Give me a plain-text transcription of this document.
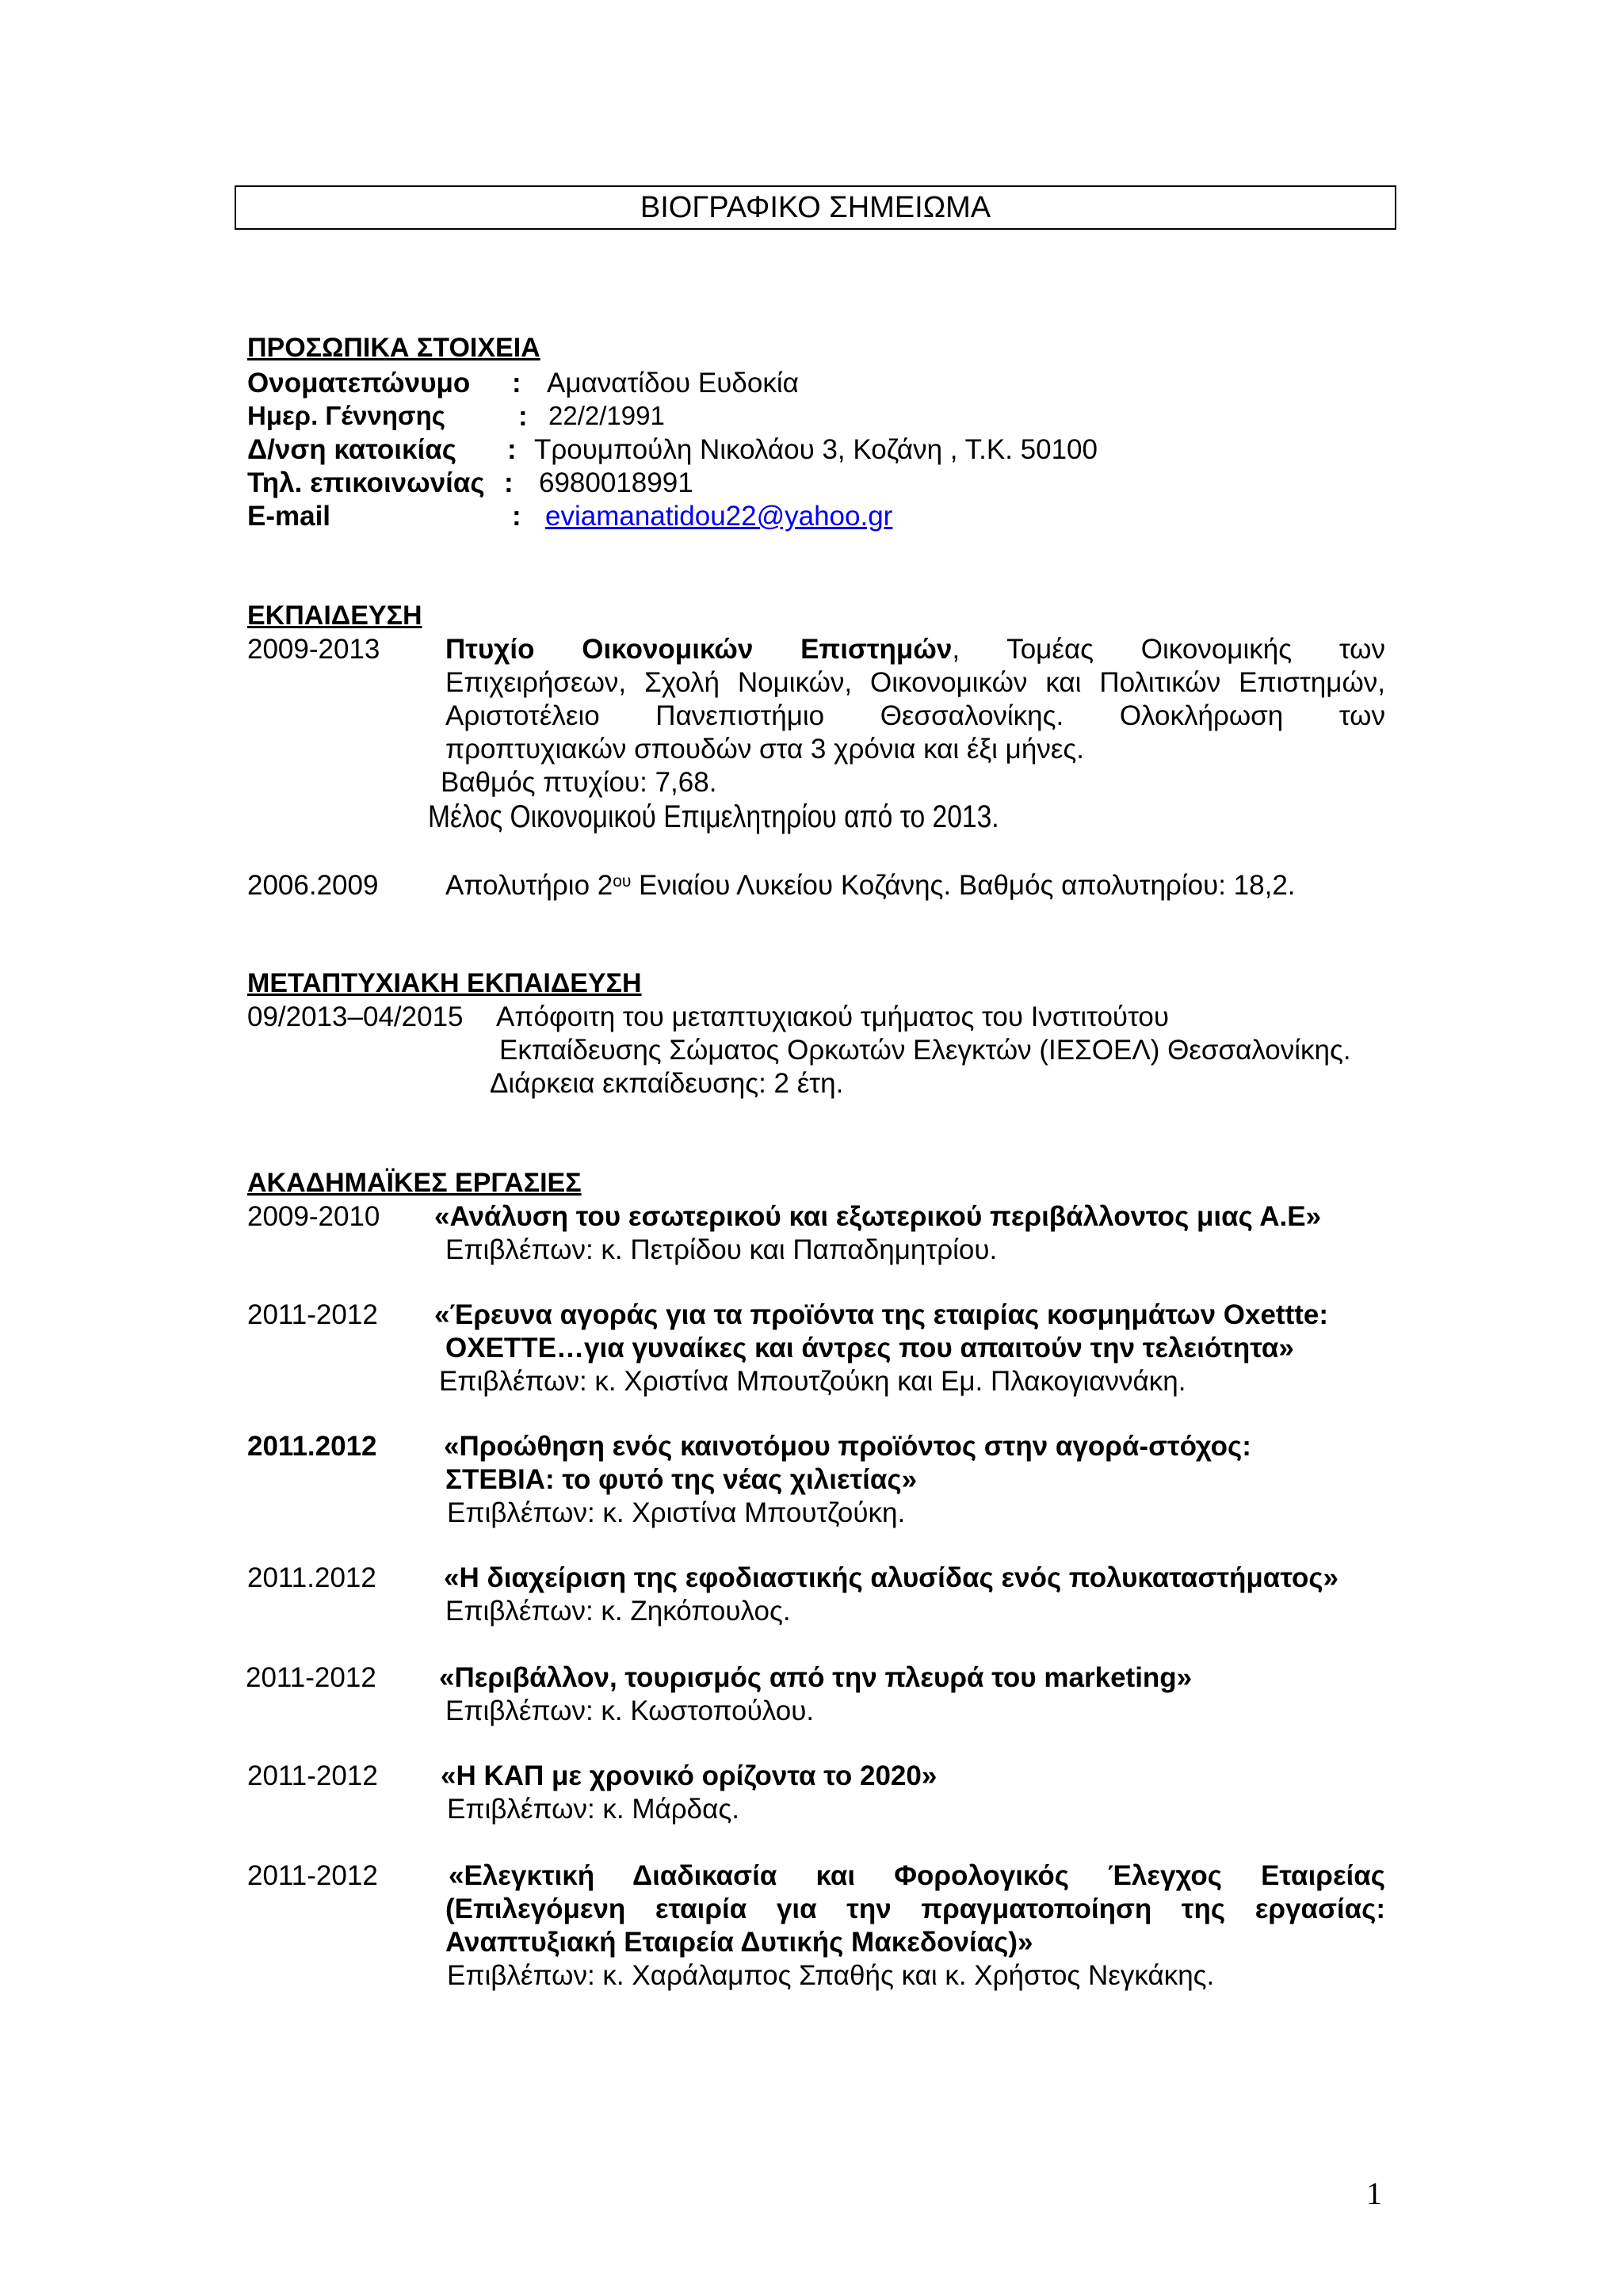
ΒΙΟΓΡΑΦΙΚΟ ΣΗΜΕΙΩΜΑ
ΠΡΟΣΩΠΙΚΑ ΣΤΟΙΧΕΙΑ
Ονοματεπώνυμο : Αμανατίδου Ευδοκία
Ημερ. Γέννησης	: 22/2/1991
Δ/νση κατοικίας : Τρουμπούλη Νικολάου 3, Κοζάνη , Τ.Κ. 50100
Τηλ. επικοινωνίας : 6980018991
E-mail	: eviamanatidou22@yahoo.gr
ΕΚΠΑΙΔΕΥΣΗ
2009-2013 Πτυχίο Οικονομικών Επιστημών, Τομέας Οικονομικής των
Επιχειρήσεων, Σχολή Νομικών, Οικονομικών και Πολιτικών Επιστημών,
Αριστοτέλειο Πανεπιστήμιο Θεσσαλονίκης. Ολοκλήρωση των
προπτυχιακών σπουδών στα 3 χρόνια και έξι μήνες.
Βαθμός πτυχίου: 7,68.
Μέλος Οικονομικού Επιμελητηρίου από το 2013.
2006.2009 Απολυτήριο $2^{o\upsilon}$ Ενιαίου Λυκείου Κοζάνης. Βαθμός απολυτηρίου: 18,2.
ΜΕΤΑΠΤΥΧΙΑΚΗ ΕΚΠΑΙΔΕΥΣΗ
09/2013–04/2015 Απόφοιτη του μεταπτυχιακού τμήματος του Ινστιτούτου
Εκπαίδευσης Σώματος Ορκωτών Ελεγκτών (ΙΕΣΟΕΛ) Θεσσαλονίκης.
Διάρκεια εκπαίδευσης: 2 έτη.
ΑΚΑΔΗΜΑΪΚΕΣ ΕΡΓΑΣΙΕΣ
2009-2010 «Ανάλυση του εσωτερικού και εξωτερικού περιβάλλοντος μιας Α.Ε»
Επιβλέπων: κ. Πετρίδου και Παπαδημητρίου.
2011-2012 «Έρευνα αγοράς για τα προϊόντα της εταιρίας κοσμημάτων Oxettte:
OXETTE…για γυναίκες και άντρες που απαιτούν την τελειότητα»
Επιβλέπων: κ. Χριστίνα Μπουτζούκη και Εμ. Πλακογιαννάκη.
2011.2012 «Προώθηση ενός καινοτόμου προϊόντος στην αγορά-στόχος:
ΣΤΕΒΙΑ: το φυτό της νέας χιλιετίας»
Επιβλέπων: κ. Χριστίνα Μπουτζούκη.
2011.2012 «Η διαχείριση της εφοδιαστικής αλυσίδας ενός πολυκαταστήματος»
Επιβλέπων: κ. Ζηκόπουλος.
2011-2012 «Περιβάλλον, τουρισμός από την πλευρά του marketing»
Επιβλέπων: κ. Κωστοπούλου.
2011-2012 «Η ΚΑΠ με χρονικό ορίζοντα το 2020»
Επιβλέπων: κ. Μάρδας.
2011-2012	«Ελεγκτική Διαδικασία και Φορολογικός Έλεγχος Εταιρείας
(Επιλεγόμενη εταιρία για την πραγματοποίηση της εργασίας:
Αναπτυξιακή Εταιρεία Δυτικής Μακεδονίας)»
Επιβλέπων: κ. Χαράλαμπος Σπαθής και κ. Χρήστος Νεγκάκης.
1
